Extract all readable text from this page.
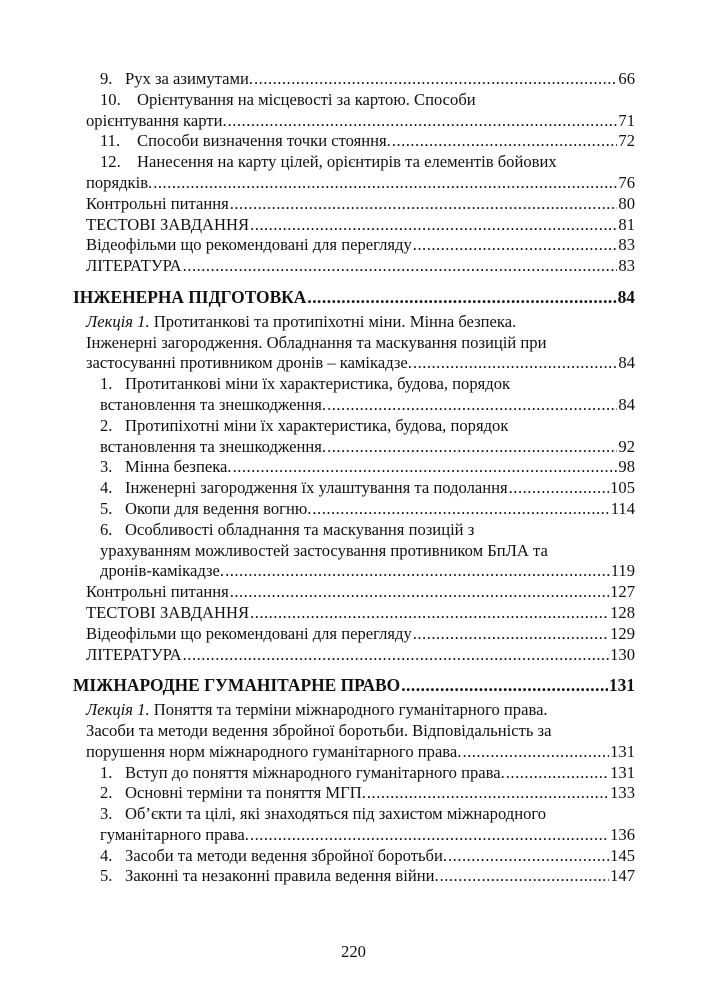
9. Рух за азимутами. .....	66
10. Орієнтування на місцевості за картою. Способи
орієнтування карти. .....	71
11. Способи визначення точки стояння. .....	72
12. Нанесення на карту цілей, орієнтирів та елементів бойових
порядків. .....	76
Контрольні питання .....	80
ТЕСТОВІ ЗАВДАННЯ .....	81
Відеофільми що рекомендовані для перегляду .....	83
ЛІТЕРАТУРА .....	83
ІНЖЕНЕРНА ПІДГОТОВКА .....	84
Лекція 1. Протитанкові та протипіхотні міни. Мінна безпека.
Інженерні загородження. Обладнання та маскування позицій при
застосуванні противником дронів – камікадзе. .....	84
1. Протитанкові міни їх характеристика, будова, порядок
встановлення та знешкодження. .....	84
2. Протипіхотні міни їх характеристика, будова, порядок
встановлення та знешкодження. .....	92
3. Мінна безпека. .....	98
4. Інженерні загородження їх улаштування та подолання .....	105
5. Окопи для ведення вогню. .....	114
6. Особливості обладнання та маскування позицій з
урахуванням можливостей застосування противником БпЛА та
дронів-камікадзе. .....	119
Контрольні питання .....	127
ТЕСТОВІ ЗАВДАННЯ .....	128
Відеофільми що рекомендовані для перегляду .....	129
ЛІТЕРАТУРА .....	130
МІЖНАРОДНЕ ГУМАНІТАРНЕ ПРАВО .....	131
Лекція 1. Поняття та терміни міжнародного гуманітарного права.
Засоби та методи ведення збройної боротьби. Відповідальність за
порушення норм міжнародного гуманітарного права. .....	131
1. Вступ до поняття міжнародного гуманітарного права. .....	131
2. Основні терміни та поняття МГП. .....	133
3. Об’єкти та цілі, які знаходяться під захистом міжнародного
гуманітарного права. .....	136
4. Засоби та методи ведення збройної боротьби. .....	145
5. Законні та незаконні правила ведення війни. .....	147
220
